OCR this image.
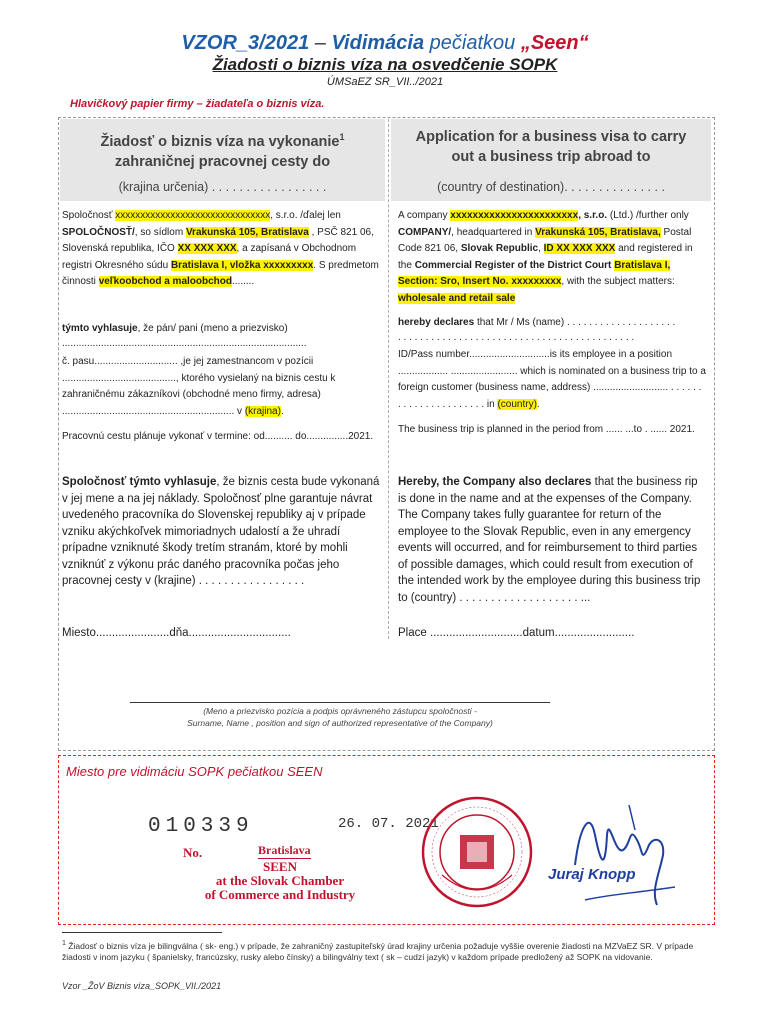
VZOR_3/2021 – Vidimácia pečiatkou „Seen“
Žiadosti o biznis víza na osvedčenie SOPK
ÚMSaEZ SR_VII../2021
Hlavičkový papier firmy – žiadateľa o biznis víza.
Žiadosť o biznis víza na vykonanie$^1$
zahraničnej pracovnej cesty do
(krajina určenia) . . . . . . . . . . . . . . . . .
Application for a business visa to carry
out a business trip abroad to
(country of destination). . . . . . . . . . . . . . .
Spoločnosť xxxxxxxxxxxxxxxxxxxxxxxxxxxxxxx, s.r.o. /ďalej len SPOLOČNOSŤ/, so sídlom Vrakunská 105, Bratislava , PSČ 821 06, Slovenská republika, IČO XX XXX XXX, a zapísaná v Obchodnom registri Okresného súdu Bratislava I, vložka xxxxxxxxx. S predmetom činnosti veľkoobchod a maloobchod........
týmto vyhlasuje, že pán/ pani (meno a priezvisko)
........................................................................................
č. pasu.............................. ,je jej zamestnancom v pozícii ........................................., ktorého vysielaný na biznis cestu k zahraničnému zákazníkovi (obchodné meno firmy, adresa) .............................................................. v (krajina).
Pracovnú cestu plánuje vykonať v termine: od.......... do...............2021.
Spoločnosť týmto vyhlasuje, že biznis cesta bude vykonaná v jej mene a na jej náklady. Spoločnosť plne garantuje návrat uvedeného pracovníka do Slovenskej republiky aj v prípade vzniku akýchkoľvek mimoriadnych udalostí a že uhradí prípadne vzniknuté škody tretím stranám, ktoré by mohli vzniknúť z výkonu prác daného pracovníka počas jeho pracovnej cesty v (krajine) . . . . . . . . . . . . . . . . .
Miesto.......................dňa................................
A company xxxxxxxxxxxxxxxxxxxxxxx, s.r.o. (Ltd.) /further only COMPANY/, headquartered in Vrakunská 105, Bratislava, Postal Code 821 06, Slovak Republic, ID XX XXX XXX and registered in the Commercial Register of the District Court Bratislava I, Section: Sro, Insert No. xxxxxxxxx, with the subject matters: wholesale and retail sale
hereby declares that Mr / Ms (name) . . . . . . . . . . . . . . . . . . . .
. . . . . . . . . . . . . . . . . . . . . . . . . . . . . . . . . . . . . . . . . . .
ID/Pass number.............................is its employee in a position .................. ........................ which is nominated on a business trip to a foreign customer (business name, address) ........................... . . . . . . . . . . . . . . . . . . . . . . in (country).
The business trip is planned in the period from ...... ...to . ...... 2021.
Hereby, the Company also declares that the business rip is done in the name and at the expenses of the Company. The Company takes fully guarantee for return of the employee to the Slovak Republic, even in any emergency events will occurred, and for reimbursement to third parties of possible damages, which could result from execution of the intended work by the employee during this business trip to (country) . . . . . . . . . . . . . . . . . . . ...
Place .............................datum.........................
(Meno a priezvisko pozícia a podpis oprávneného zástupcu spoločnosti -
Surname, Name , position and sign of authorized representative of the Company)
Miesto pre vidimáciu SOPK pečiatkou SEEN
010339	26. 07. 2021
No.	Bratislava
SEEN
at the Slovak Chamber
of Commerce and Industry
Juraj Knopp
$^1$ Žiadosť o biznis víza je bilingválna ( sk- eng.) v prípade, že zahraničný zastupiteľský úrad krajiny určenia požaduje vyššie overenie žiadosti na MZVaEZ SR. V prípade žiadosti v inom jazyku ( španielsky, francúzsky, rusky alebo čínsky) a bilingválny text ( sk – cudzí jazyk) v každom prípade predložený až SOPK na vidovanie.
Vzor _ŽoV Biznis víza_SOPK_VII./2021
